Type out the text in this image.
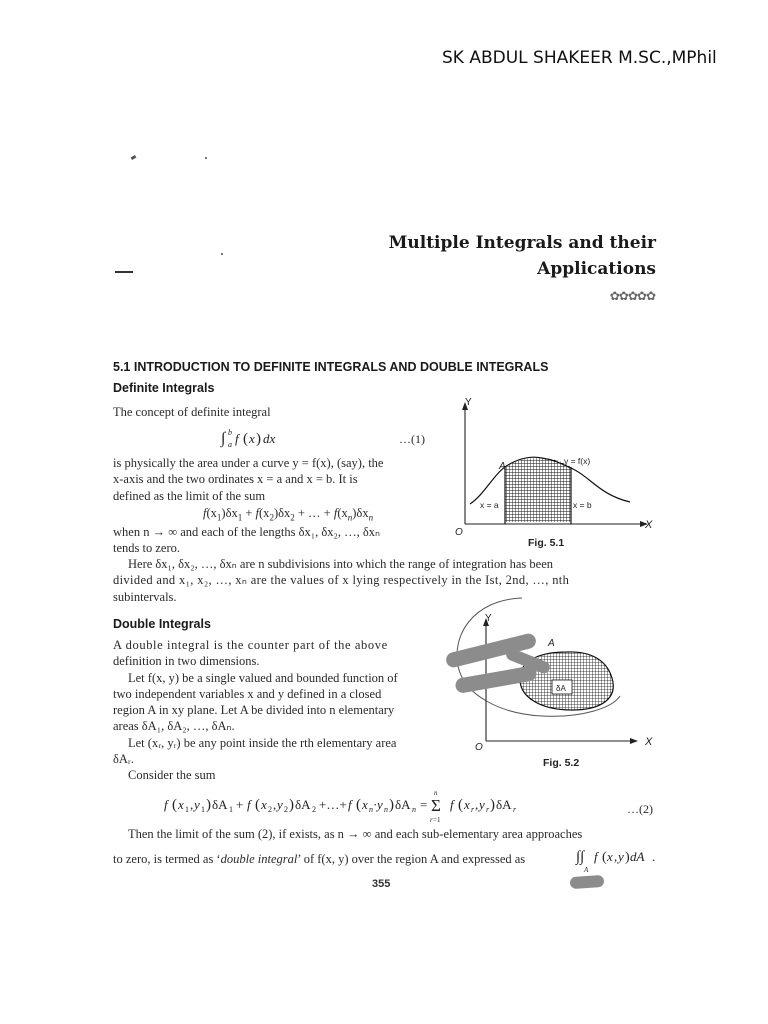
SK ABDUL SHAKEER M.SC.,MPhil
Multiple Integrals and their
Applications
✿✿✿✿✿
5.1 INTRODUCTION TO DEFINITE INTEGRALS AND DOUBLE INTEGRALS
Definite Integrals
The concept of definite integral
∫ b
a f ( x ) dx	…(1)
is physically the area under a curve y = f(x), (say), the
x-axis and the two ordinates x = a and x = b. It is
defined as the limit of the sum
$f(x_1)\delta x_1 + f(x_2)\delta x_2$ + … + $f(x_n)\delta x_n$
when n → ∞ and each of the lengths δx₁, δx₂, …, δxₙ
tends to zero.
Here δx₁, δx₂, …, δxₙ are n subdivisions into which the range of integration has been
divided and x₁, x₂, …, xₙ are the values of x lying respectively in the Ist, 2nd, …, nth
subintervals.
Y
X
O
A	y = f(x)
x = a	x = b
Fig. 5.1
Double Integrals
A double integral is the counter part of the above
definition in two dimensions.
Let f(x, y) be a single valued and bounded function of
two independent variables x and y defined in a closed
region A in xy plane. Let A be divided into n elementary
areas δA₁, δA₂, …, δAₙ.
Let (xᵣ, yᵣ) be any point inside the rth elementary area
δAᵣ.
Consider the sum
δA
Y
X
O
A
Fig. 5.2
f ( x 1 , y 1 ) δA 1 + f ( x 2 , y 2 ) δA 2 +…+ f ( x n · y n ) δA n =
n
Σ
r =1
f ( x r , y r ) δA r	…(2)
Then the limit of the sum (2), if exists, as n → ∞ and each sub-elementary area approaches
to zero, is termed as ‘double integral’ of f(x, y) over the region A and expressed as	∫∫
A
f ( x , y ) dA .
355
